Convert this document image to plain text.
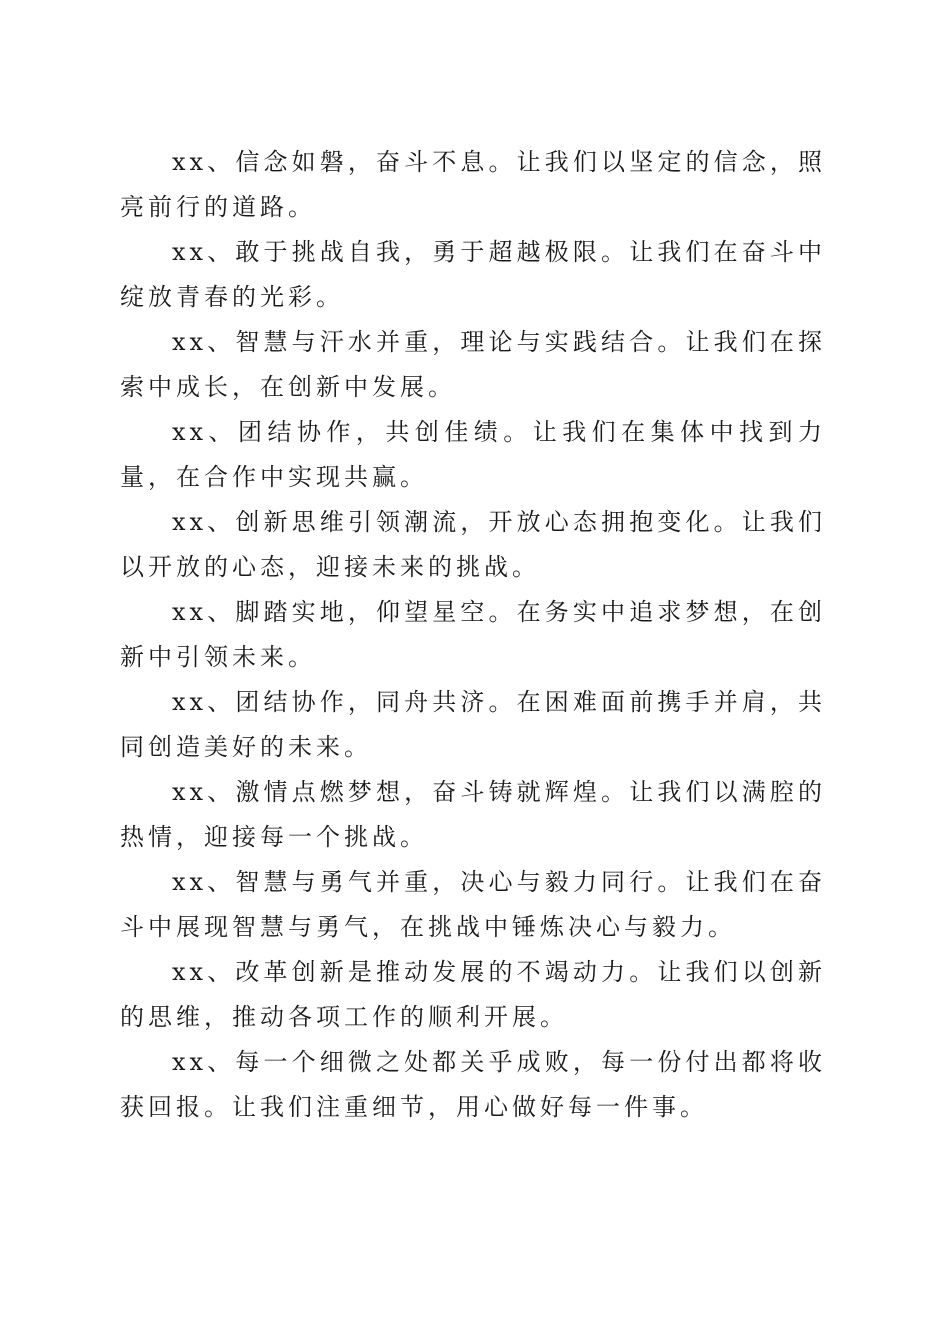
xx、信念如磐，奋斗不息。让我们以坚定的信念，照亮前行的道路。

xx、敢于挑战自我，勇于超越极限。让我们在奋斗中绽放青春的光彩。

xx、智慧与汗水并重，理论与实践结合。让我们在探索中成长，在创新中发展。

xx、团结协作，共创佳绩。让我们在集体中找到力量，在合作中实现共赢。

xx、创新思维引领潮流，开放心态拥抱变化。让我们以开放的心态，迎接未来的挑战。

xx、脚踏实地，仰望星空。在务实中追求梦想，在创新中引领未来。

xx、团结协作，同舟共济。在困难面前携手并肩，共同创造美好的未来。

xx、激情点燃梦想，奋斗铸就辉煌。让我们以满腔的热情，迎接每一个挑战。

xx、智慧与勇气并重，决心与毅力同行。让我们在奋斗中展现智慧与勇气，在挑战中锤炼决心与毅力。

xx、改革创新是推动发展的不竭动力。让我们以创新的思维，推动各项工作的顺利开展。

xx、每一个细微之处都关乎成败，每一份付出都将收获回报。让我们注重细节，用心做好每一件事。
